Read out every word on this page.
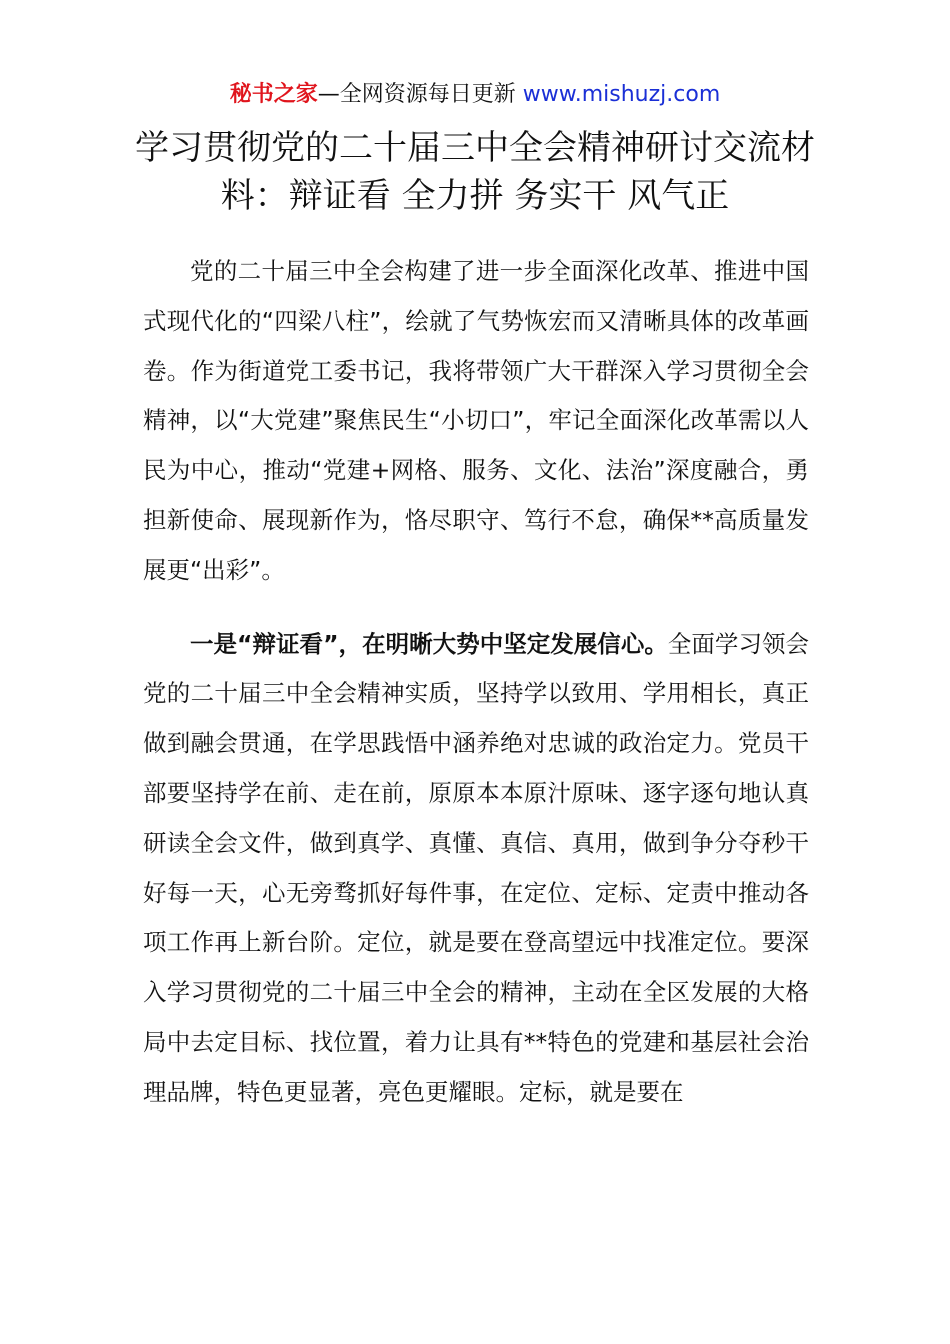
秘书之家—全网资源每日更新 www.mishuzj.com
学习贯彻党的二十届三中全会精神研讨交流材料：辩证看 全力拼 务实干 风气正

党的二十届三中全会构建了进一步全面深化改革、推进中国式现代化的“四梁八柱”，绘就了气势恢宏而又清晰具体的改革画卷。作为街道党工委书记，我将带领广大干群深入学习贯彻全会精神，以“大党建”聚焦民生“小切口”，牢记全面深化改革需以人民为中心，推动“党建+网格、服务、文化、法治”深度融合，勇担新使命、展现新作为，恪尽职守、笃行不怠，确保**高质量发展更“出彩”。

一是“辩证看”，在明晰大势中坚定发展信心。全面学习领会党的二十届三中全会精神实质，坚持学以致用、学用相长，真正做到融会贯通，在学思践悟中涵养绝对忠诚的政治定力。党员干部要坚持学在前、走在前，原原本本原汁原味、逐字逐句地认真研读全会文件，做到真学、真懂、真信、真用，做到争分夺秒干好每一天，心无旁骛抓好每件事，在定位、定标、定责中推动各项工作再上新台阶。定位，就是要在登高望远中找准定位。要深入学习贯彻党的二十届三中全会的精神，主动在全区发展的大格局中去定目标、找位置，着力让具有**特色的党建和基层社会治理品牌，特色更显著，亮色更耀眼。定标，就是要在
